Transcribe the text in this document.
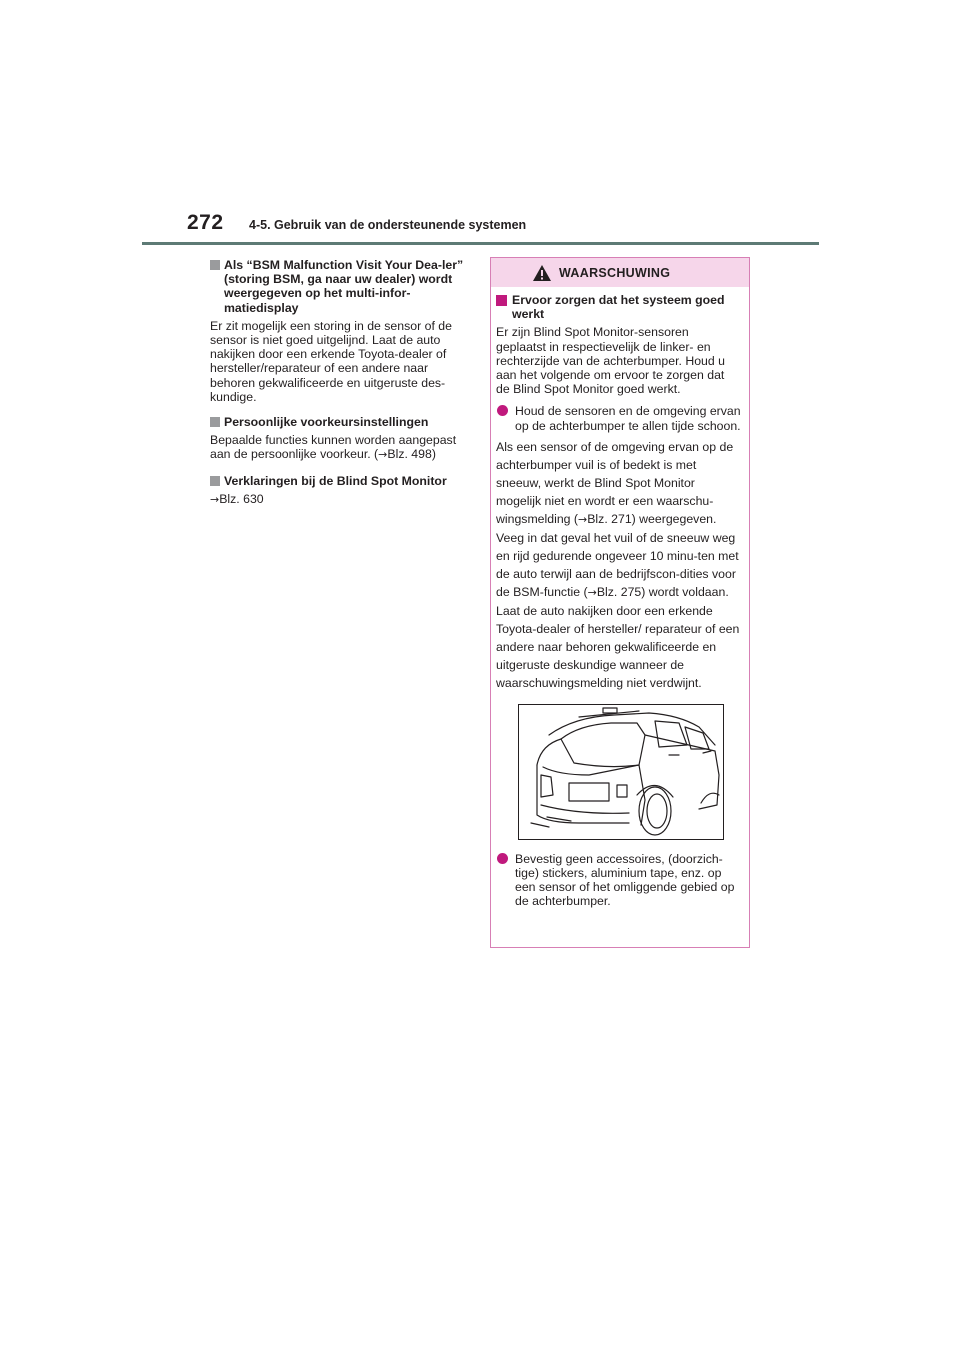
272 4-5. Gebruik van de ondersteunende systemen
Als “BSM Malfunction Visit Your Dea-ler” (storing BSM, ga naar uw dealer) wordt weergegeven op het multi-infor-matiedisplay

Er zit mogelijk een storing in de sensor of de sensor is niet goed uitgelijnd. Laat de auto nakijken door een erkende Toyota-dealer of hersteller/reparateur of een andere naar behoren gekwalificeerde en uitgeruste des-kundige.

Persoonlijke voorkeursinstellingen

Bepaalde functies kunnen worden aangepast aan de persoonlijke voorkeur. (→Blz. 498)

Verklaringen bij de Blind Spot Monitor

→Blz. 630

WAARSCHUWING
Ervoor zorgen dat het systeem goed werkt

Er zijn Blind Spot Monitor-sensoren geplaatst in respectievelijk de linker- en rechterzijde van de achterbumper. Houd u aan het volgende om ervoor te zorgen dat de Blind Spot Monitor goed werkt.

Houd de sensoren en de omgeving ervan op de achterbumper te allen tijde schoon.

Als een sensor of de omgeving ervan op de achterbumper vuil is of bedekt is met sneeuw, werkt de Blind Spot Monitor mogelijk niet en wordt er een waarschu-wingsmelding (→Blz. 271) weergegeven. Veeg in dat geval het vuil of de sneeuw weg en rijd gedurende ongeveer 10 minu-ten met de auto terwijl aan de bedrijfscon-dities voor de BSM-functie (→Blz. 275) wordt voldaan. Laat de auto nakijken door een erkende Toyota-dealer of hersteller/ reparateur of een andere naar behoren gekwalificeerde en uitgeruste deskundige wanneer de waarschuwingsmelding niet verdwijnt.

Bevestig geen accessoires, (doorzich-tige) stickers, aluminium tape, enz. op een sensor of het omliggende gebied op de achterbumper.
